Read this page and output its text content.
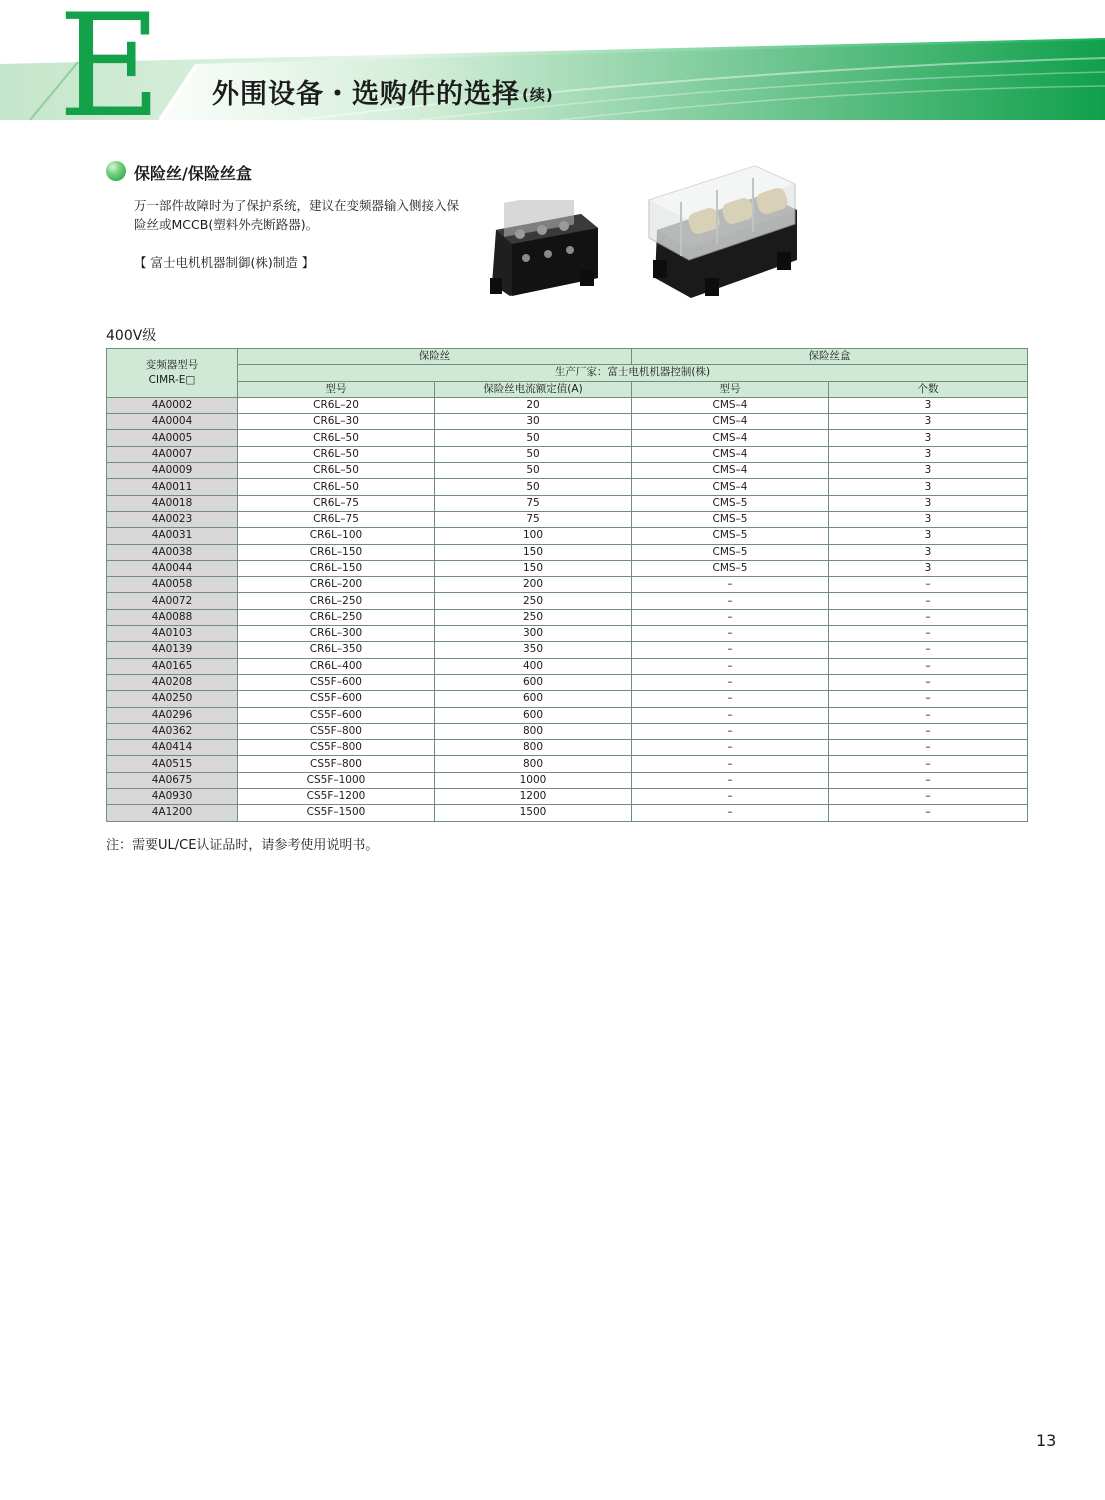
E 外围设备・选购件的选择 (续)
保险丝/保险丝盒
万一部件故障时为了保护系统，建议在变频器输入侧接入保险丝或MCCB(塑料外壳断路器)。
【 富士电机机器制御(株)制造 】
400V级
变频器型号
CIMR-E□	保险丝		保险丝盒	
	生产厂家：富士电机机器控制(株)			
	型号	保险丝电流额定值(A)	型号	个数
4A0002	CR6L–20	20	CMS–4	3
4A0004	CR6L–30	30	CMS–4	3
4A0005	CR6L–50	50	CMS–4	3
4A0007	CR6L–50	50	CMS–4	3
4A0009	CR6L–50	50	CMS–4	3
4A0011	CR6L–50	50	CMS–4	3
4A0018	CR6L–75	75	CMS–5	3
4A0023	CR6L–75	75	CMS–5	3
4A0031	CR6L–100	100	CMS–5	3
4A0038	CR6L–150	150	CMS–5	3
4A0044	CR6L–150	150	CMS–5	3
4A0058	CR6L–200	200	–	–
4A0072	CR6L–250	250	–	–
4A0088	CR6L–250	250	–	–
4A0103	CR6L–300	300	–	–
4A0139	CR6L–350	350	–	–
4A0165	CR6L–400	400	–	–
4A0208	CS5F–600	600	–	–
4A0250	CS5F–600	600	–	–
4A0296	CS5F–600	600	–	–
4A0362	CS5F–800	800	–	–
4A0414	CS5F–800	800	–	–
4A0515	CS5F–800	800	–	–
4A0675	CS5F–1000	1000	–	–
4A0930	CS5F–1200	1200	–	–
4A1200	CS5F–1500	1500	–	–
注：需要UL/CE认证品时，请参考使用说明书。
13
